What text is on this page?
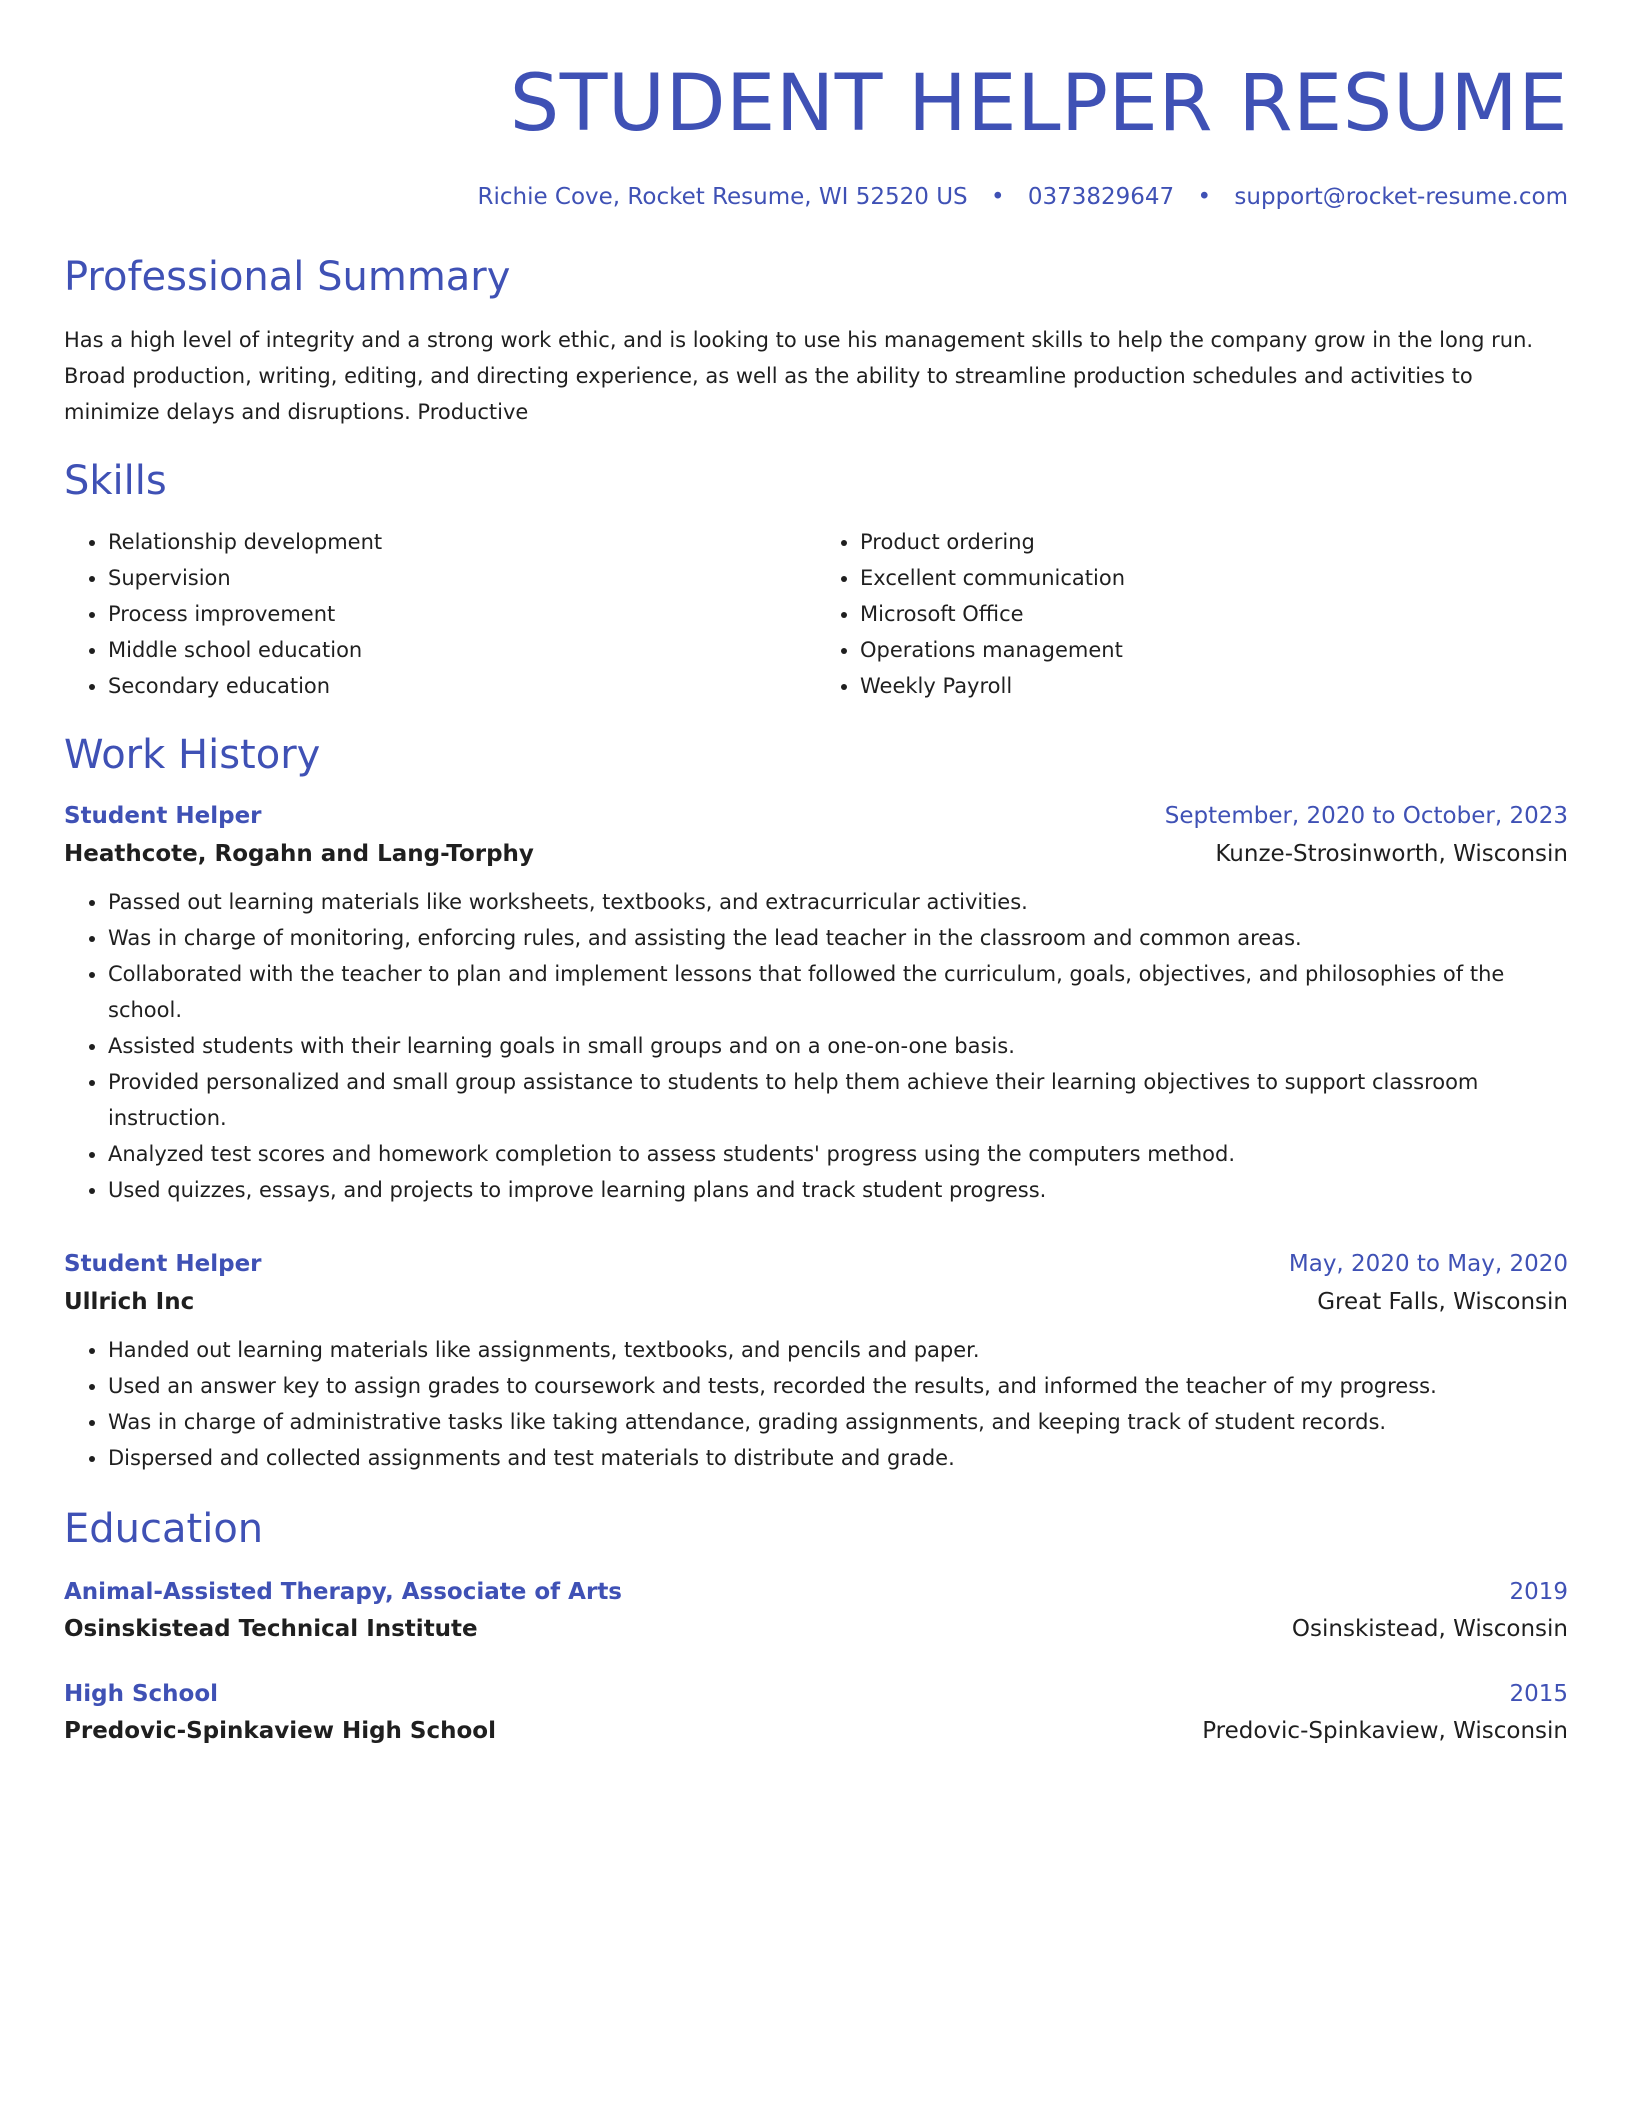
STUDENT HELPER RESUME
Richie Cove, Rocket Resume, WI 52520 US • 0373829647 • support@rocket-resume.com
Professional Summary
Has a high level of integrity and a strong work ethic, and is looking to use his management skills to help the company grow in the long run. Broad production, writing, editing, and directing experience, as well as the ability to streamline production schedules and activities to minimize delays and disruptions. Productive
Skills
• Relationship development
• Supervision
• Process improvement
• Middle school education
• Secondary education
• Product ordering
• Excellent communication
• Microsoft Office
• Operations management
• Weekly Payroll
Work History
Student Helper	September, 2020 to October, 2023
Heathcote, Rogahn and Lang-Torphy	Kunze-Strosinworth, Wisconsin
• Passed out learning materials like worksheets, textbooks, and extracurricular activities.
• Was in charge of monitoring, enforcing rules, and assisting the lead teacher in the classroom and common areas.
• Collaborated with the teacher to plan and implement lessons that followed the curriculum, goals, objectives, and philosophies of the school.
• Assisted students with their learning goals in small groups and on a one-on-one basis.
• Provided personalized and small group assistance to students to help them achieve their learning objectives to support classroom instruction.
• Analyzed test scores and homework completion to assess students' progress using the computers method.
• Used quizzes, essays, and projects to improve learning plans and track student progress.
Student Helper	May, 2020 to May, 2020
Ullrich Inc	Great Falls, Wisconsin
• Handed out learning materials like assignments, textbooks, and pencils and paper.
• Used an answer key to assign grades to coursework and tests, recorded the results, and informed the teacher of my progress.
• Was in charge of administrative tasks like taking attendance, grading assignments, and keeping track of student records.
• Dispersed and collected assignments and test materials to distribute and grade.
Education
Animal-Assisted Therapy, Associate of Arts	2019
Osinskistead Technical Institute	Osinskistead, Wisconsin
High School	2015
Predovic-Spinkaview High School	Predovic-Spinkaview, Wisconsin
